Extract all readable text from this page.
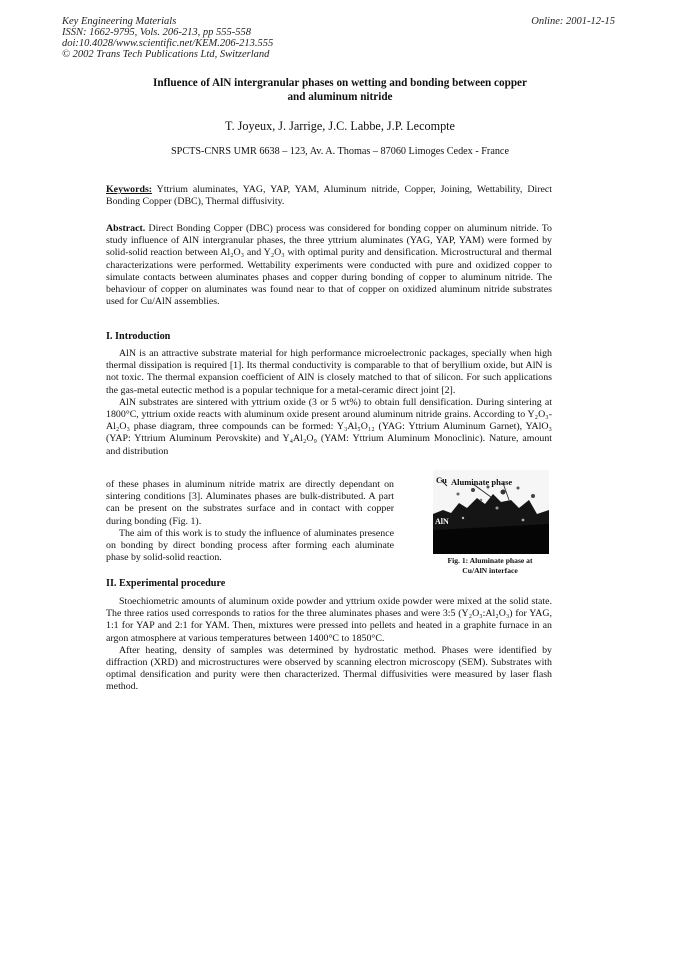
Key Engineering Materials
ISSN: 1662-9795, Vols. 206-213, pp 555-558
doi:10.4028/www.scientific.net/KEM.206-213.555
© 2002 Trans Tech Publications Ltd, Switzerland
Online: 2001-12-15
Influence of AlN intergranular phases on wetting and bonding between copper
and aluminum nitride
T. Joyeux, J. Jarrige, J.C. Labbe, J.P. Lecompte
SPCTS-CNRS UMR 6638 – 123, Av. A. Thomas – 87060 Limoges Cedex - France
Keywords: Yttrium aluminates, YAG, YAP, YAM, Aluminum nitride, Copper, Joining, Wettability, Direct Bonding Copper (DBC), Thermal diffusivity.
Abstract. Direct Bonding Copper (DBC) process was considered for bonding copper on aluminum nitride. To study influence of AlN intergranular phases, the three yttrium aluminates (YAG, YAP, YAM) were formed by solid-solid reaction between Al₂O₃ and Y₂O₃ with optimal purity and densification. Microstructural and thermal characterizations were performed. Wettability experiments were conducted with pure and oxidized copper to simulate contacts between aluminates phases and copper during bonding of copper to aluminum nitride. The behaviour of copper on aluminates was found near to that of copper on oxidized aluminum nitride substrates used for Cu/AlN assemblies.
I. Introduction

AlN is an attractive substrate material for high performance microelectronic packages, specially when high thermal dissipation is required [1]. Its thermal conductivity is comparable to that of beryllium oxide, but AlN is not toxic. The thermal expansion coefficient of AlN is closely matched to that of silicon. For such applications the gas-metal eutectic method is a popular technique for a metal-ceramic direct joint [2].

AlN substrates are sintered with yttrium oxide (3 or 5 wt%) to obtain full densification. During sintering at 1800°C, yttrium oxide reacts with aluminum oxide present around aluminum nitride grains. According to Y₂O₃-Al₂O₃ phase diagram, three compounds can be formed: Y₃Al₅O₁₂ (YAG: Yttrium Aluminum Garnet), YAlO₃ (YAP: Yttrium Aluminum Perovskite) and Y₄Al₂O₉ (YAM: Yttrium Aluminum Monoclinic). Nature, amount and distribution

of these phases in aluminum nitride matrix are directly dependant on sintering conditions [3]. Aluminates phases are bulk-distributed. A part can be present on the substrates surface and in contact with copper during bonding (Fig. 1).

The aim of this work is to study the influence of aluminates presence on bonding by direct bonding process after forming each aluminate phase by solid-solid reaction.

Cu Aluminate phase
AlN
Fig. 1: Aluminate phase at
Cu/AlN interface
II. Experimental procedure

Stoechiometric amounts of aluminum oxide powder and yttrium oxide powder were mixed at the solid state. The three ratios used corresponds to ratios for the three aluminates phases and were 3:5 (Y₂O₃:Al₂O₃) for YAG, 1:1 for YAP and 2:1 for YAM. Then, mixtures were pressed into pellets and heated in a graphite furnace in an argon atmosphere at various temperatures between 1400°C to 1850°C.

After heating, density of samples was determined by hydrostatic method. Phases were identified by diffraction (XRD) and microstructures were observed by scanning electron microscopy (SEM). Substrates with optimal densification and purity were then characterized. Thermal diffusivities were measured by laser flash method.
